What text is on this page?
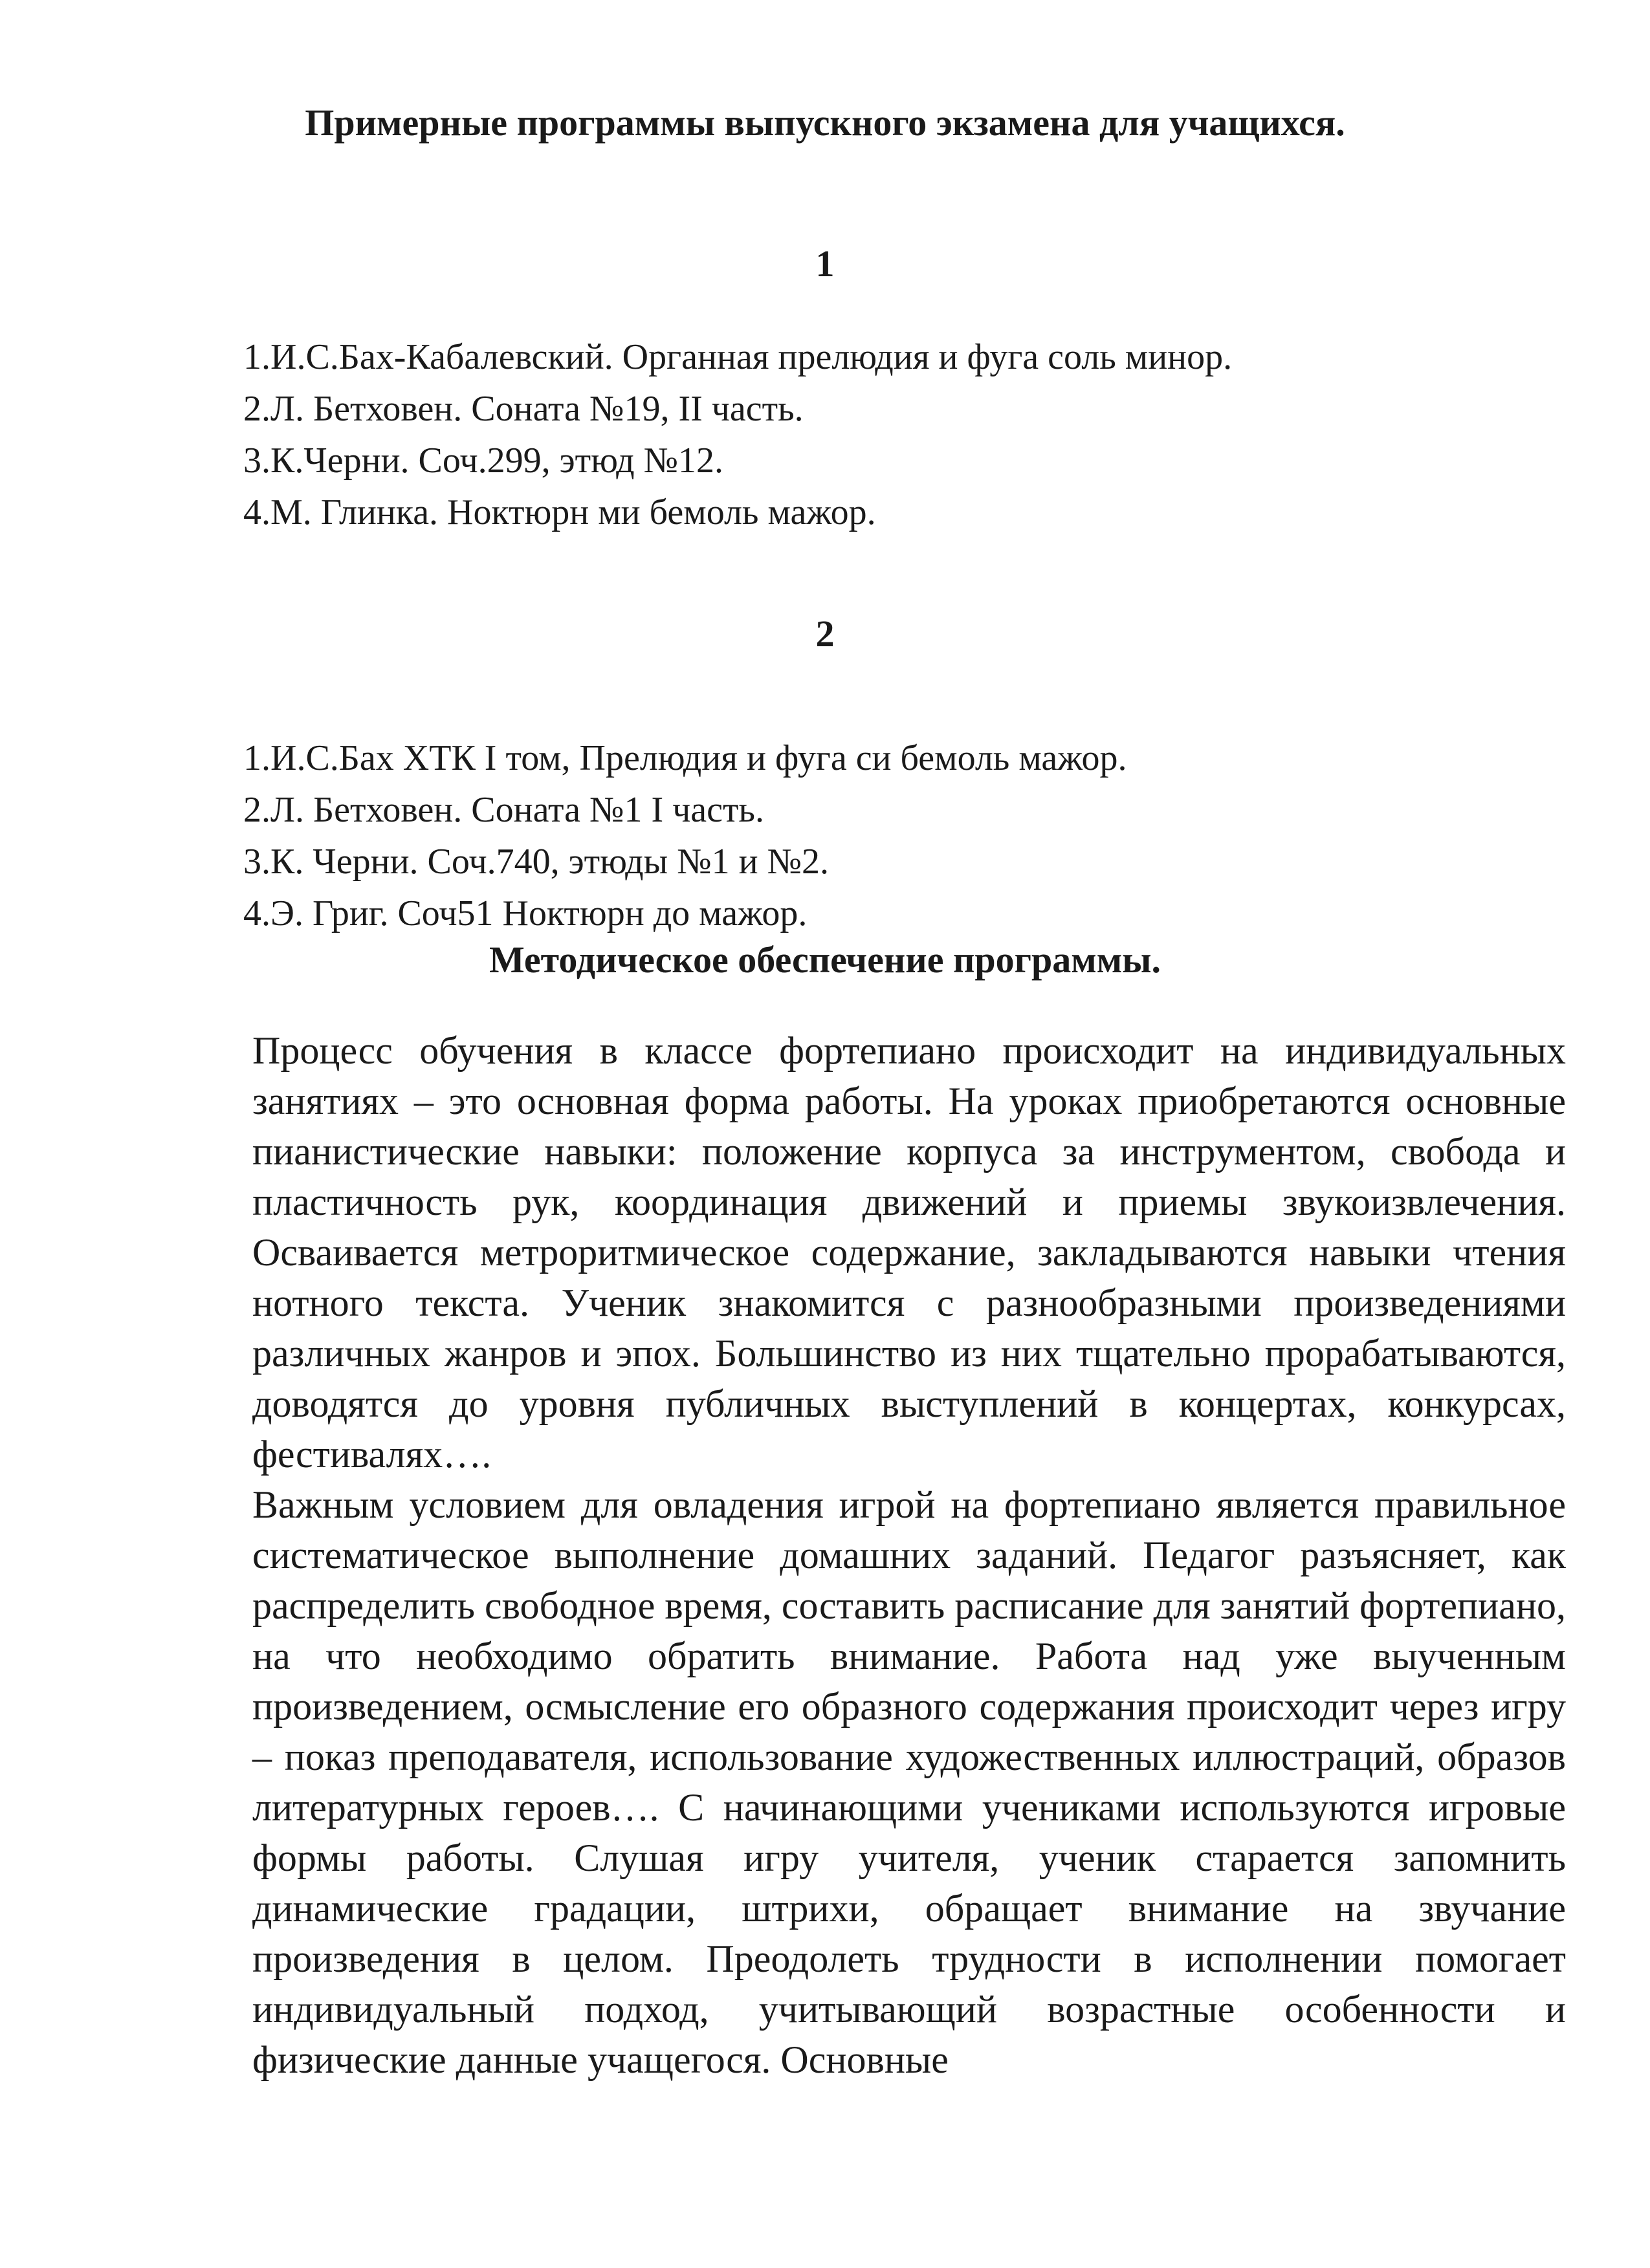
Примерные программы выпускного экзамена для учащихся.
1
1.И.С.Бах-Кабалевский. Органная прелюдия и фуга соль минор.
2.Л. Бетховен. Соната №19, II часть.
3.К.Черни. Соч.299, этюд №12.
4.М. Глинка. Ноктюрн ми бемоль мажор.
2
1.И.С.Бах ХТК I том, Прелюдия и фуга си бемоль мажор.
2.Л. Бетховен. Соната №1 I часть.
3.К. Черни. Соч.740, этюды №1 и №2.
4.Э. Григ. Соч51 Ноктюрн до мажор.
Методическое обеспечение программы.

Процесс обучения в классе фортепиано происходит на индивидуальных занятиях – это основная форма работы. На уроках приобретаются основные пианистические навыки: положение корпуса за инструментом, свобода и пластичность рук, координация движений и приемы звукоизвлечения. Осваивается метроритмическое содержание, закладываются навыки чтения нотного текста. Ученик знакомится с разнообразными произведениями различных жанров и эпох. Большинство из них тщательно прорабатываются, доводятся до уровня публичных выступлений в концертах, конкурсах, фестивалях….

Важным условием для овладения игрой на фортепиано является правильное систематическое выполнение домашних заданий. Педагог разъясняет, как распределить свободное время, составить расписание для занятий фортепиано, на что необходимо обратить внимание. Работа над уже выученным произведением, осмысление его образного содержания происходит через игру – показ преподавателя, использование художественных иллюстраций, образов литературных героев…. С начинающими учениками используются игровые формы работы. Слушая игру учителя, ученик старается запомнить динамические градации, штрихи, обращает внимание на звучание произведения в целом. Преодолеть трудности в исполнении помогает индивидуальный подход, учитывающий возрастные особенности и физические данные учащегося. Основные
